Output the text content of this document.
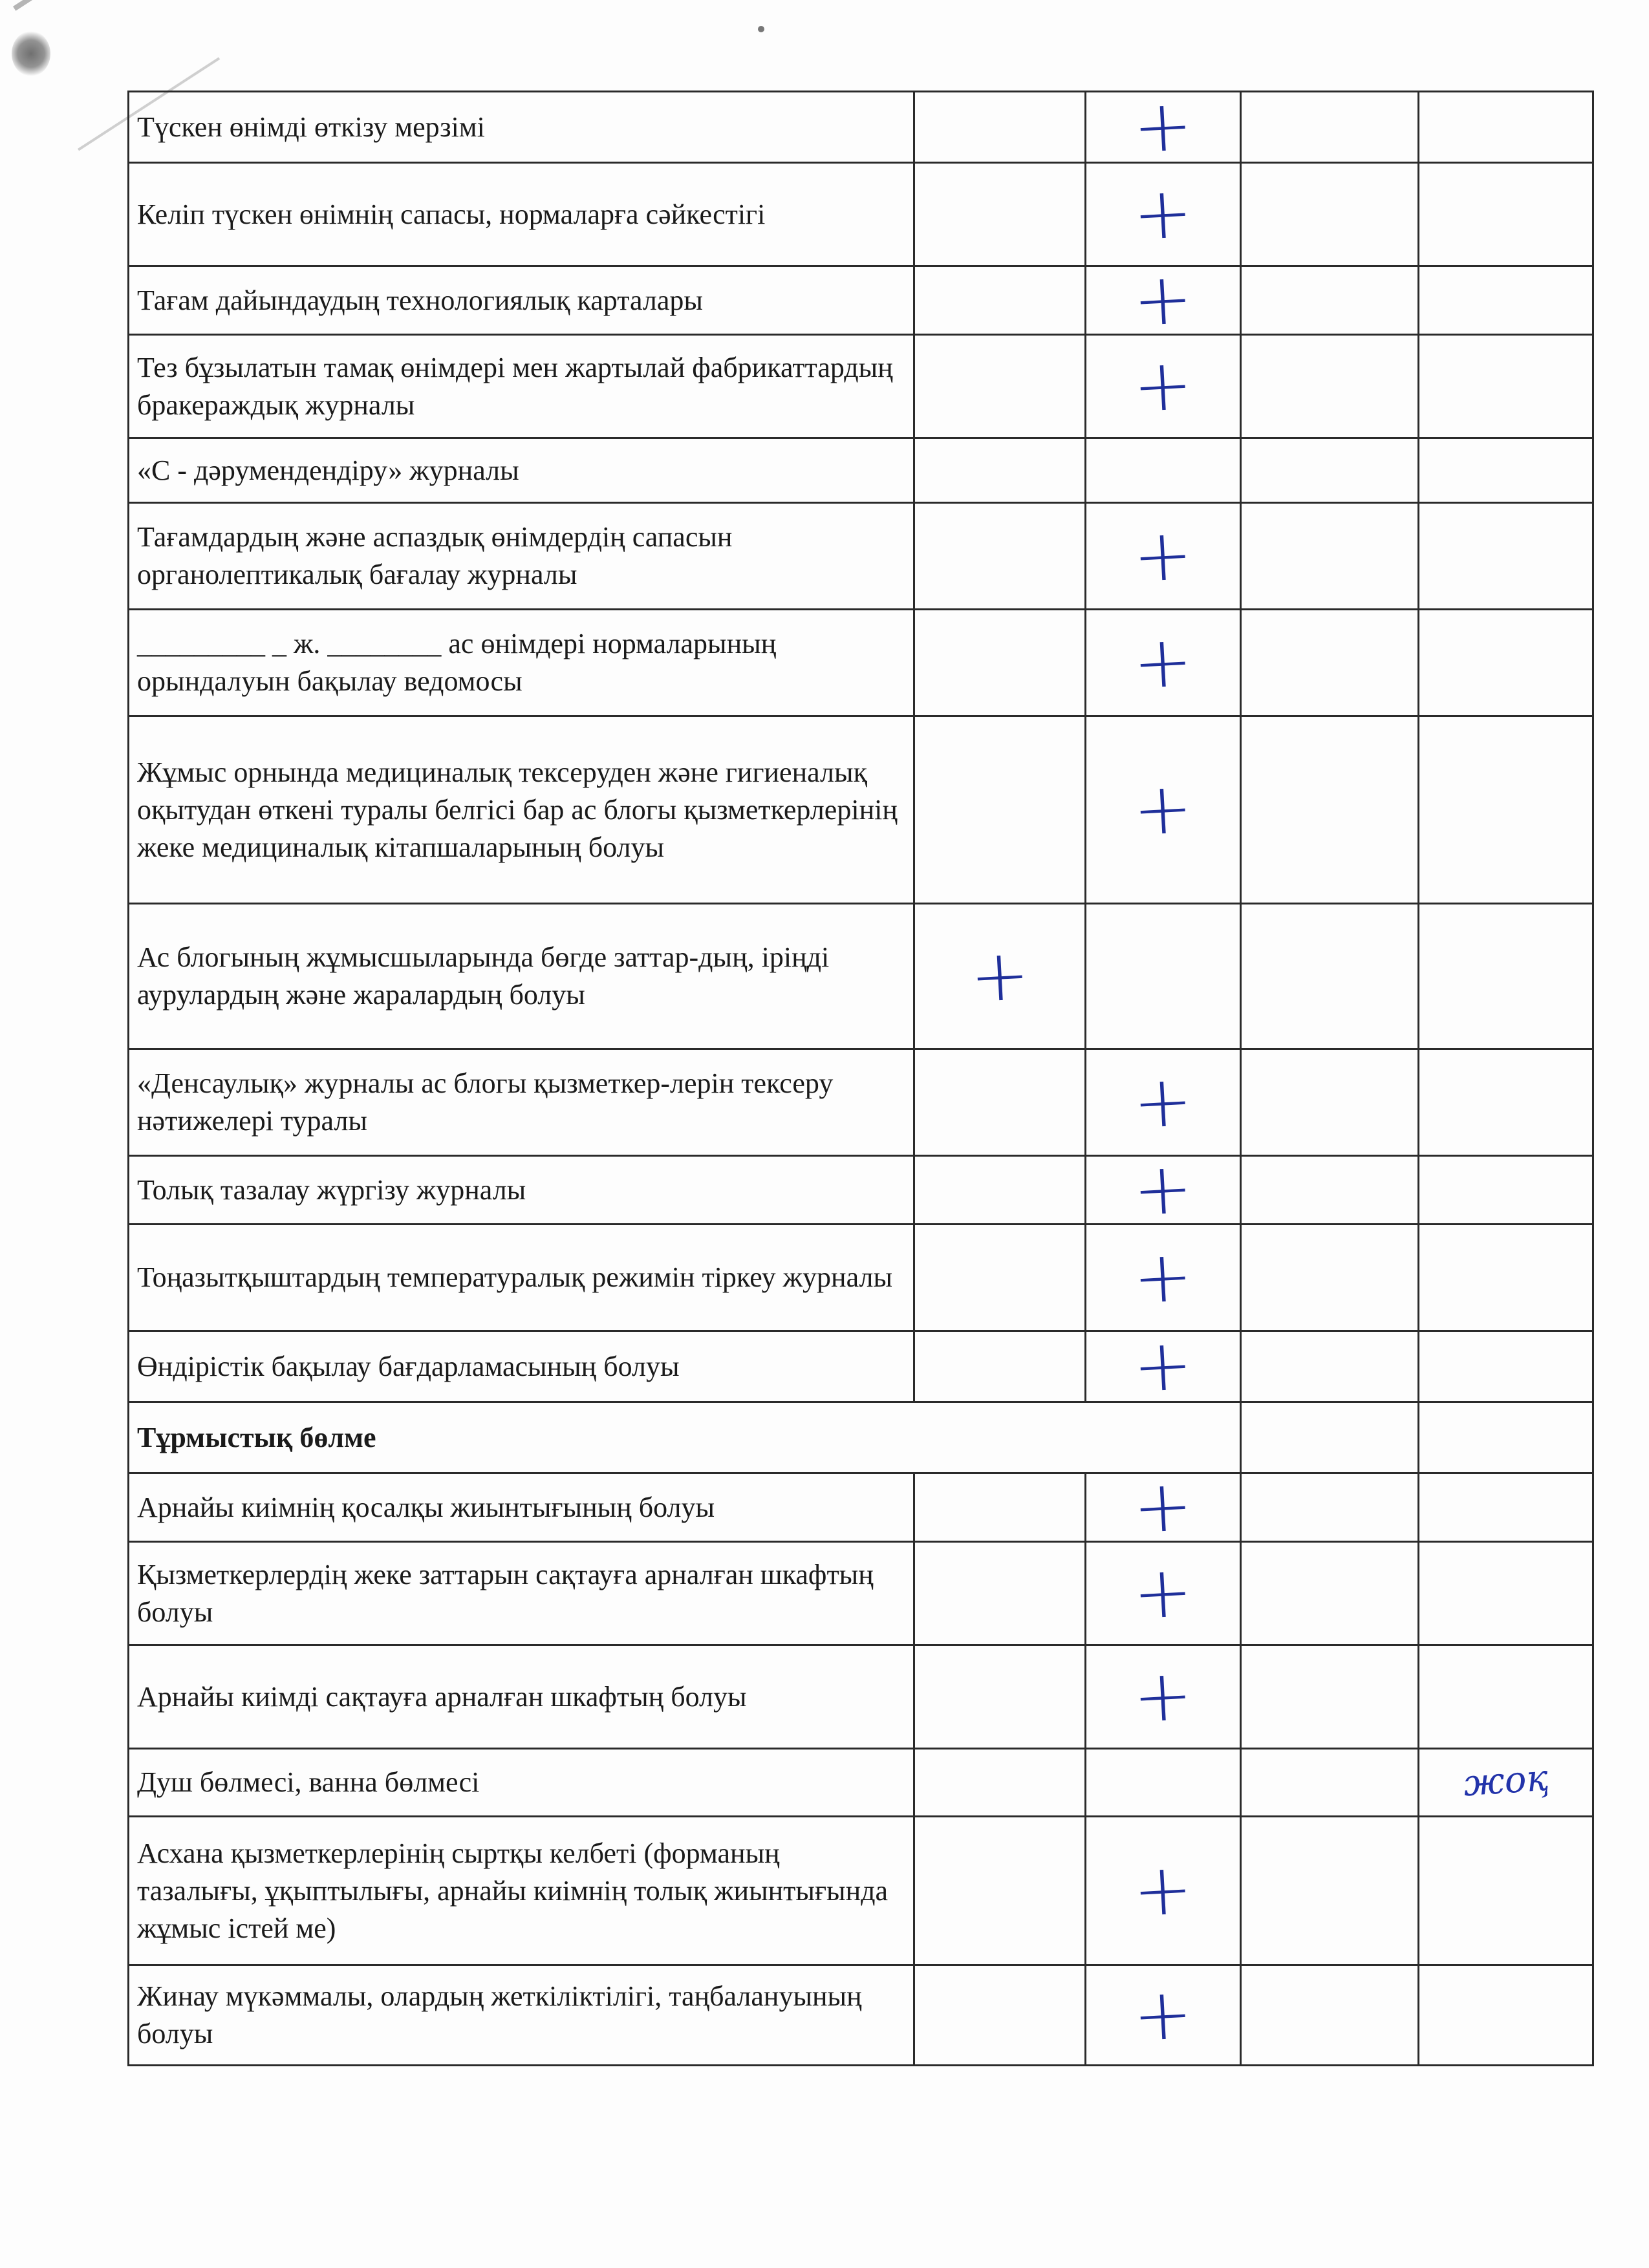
Түскен өнімді өткізу мерзімі		+		
Келіп түскен өнімнің сапасы, нормаларға сәйкестігі		+		
Тағам дайындаудың технологиялық карталары		+		
Тез бұзылатын тамақ өнімдері мен жартылай фабрикаттардың бракераждық журналы		+		
«С - дәрумендендіру» журналы				
Тағамдардың және аспаздық өнімдердің сапасын органолептикалық бағалау журналы		+		
_________ _ ж. ________ ас өнімдері нормаларының орындалуын бақылау ведомосы		+		
Жұмыс орнында медициналық тексеруден және гигиеналық оқытудан өткені туралы белгісі бар ас блогы қызметкерлерінің жеке медициналық кітапшаларының болуы		+		
Ас блогының жұмысшыларында бөгде заттар-дың, іріңді аурулардың және жаралардың болуы	+			
«Денсаулық» журналы ас блогы қызметкер-лерін тексеру нәтижелері туралы		+		
Толық тазалау жүргізу журналы		+		
Тоңазытқыштардың температуралық режимін тіркеу журналы		+		
Өндірістік бақылау бағдарламасының болуы		+		
Тұрмыстық бөлме				
Арнайы киімнің қосалқы жиынтығының болуы		+		
Қызметкерлердің жеке заттарын сақтауға арналған шкафтың болуы		+		
Арнайы киімді сақтауға арналған шкафтың болуы		+		
Душ бөлмесі, ванна бөлмесі				жоқ
Асхана қызметкерлерінің сыртқы келбеті (форманың тазалығы, ұқыптылығы, арнайы киімнің толық жиынтығында жұмыс істей ме)		+		
Жинау мүкәммалы, олардың жеткіліктілігі, таңбалануының болуы		+		
